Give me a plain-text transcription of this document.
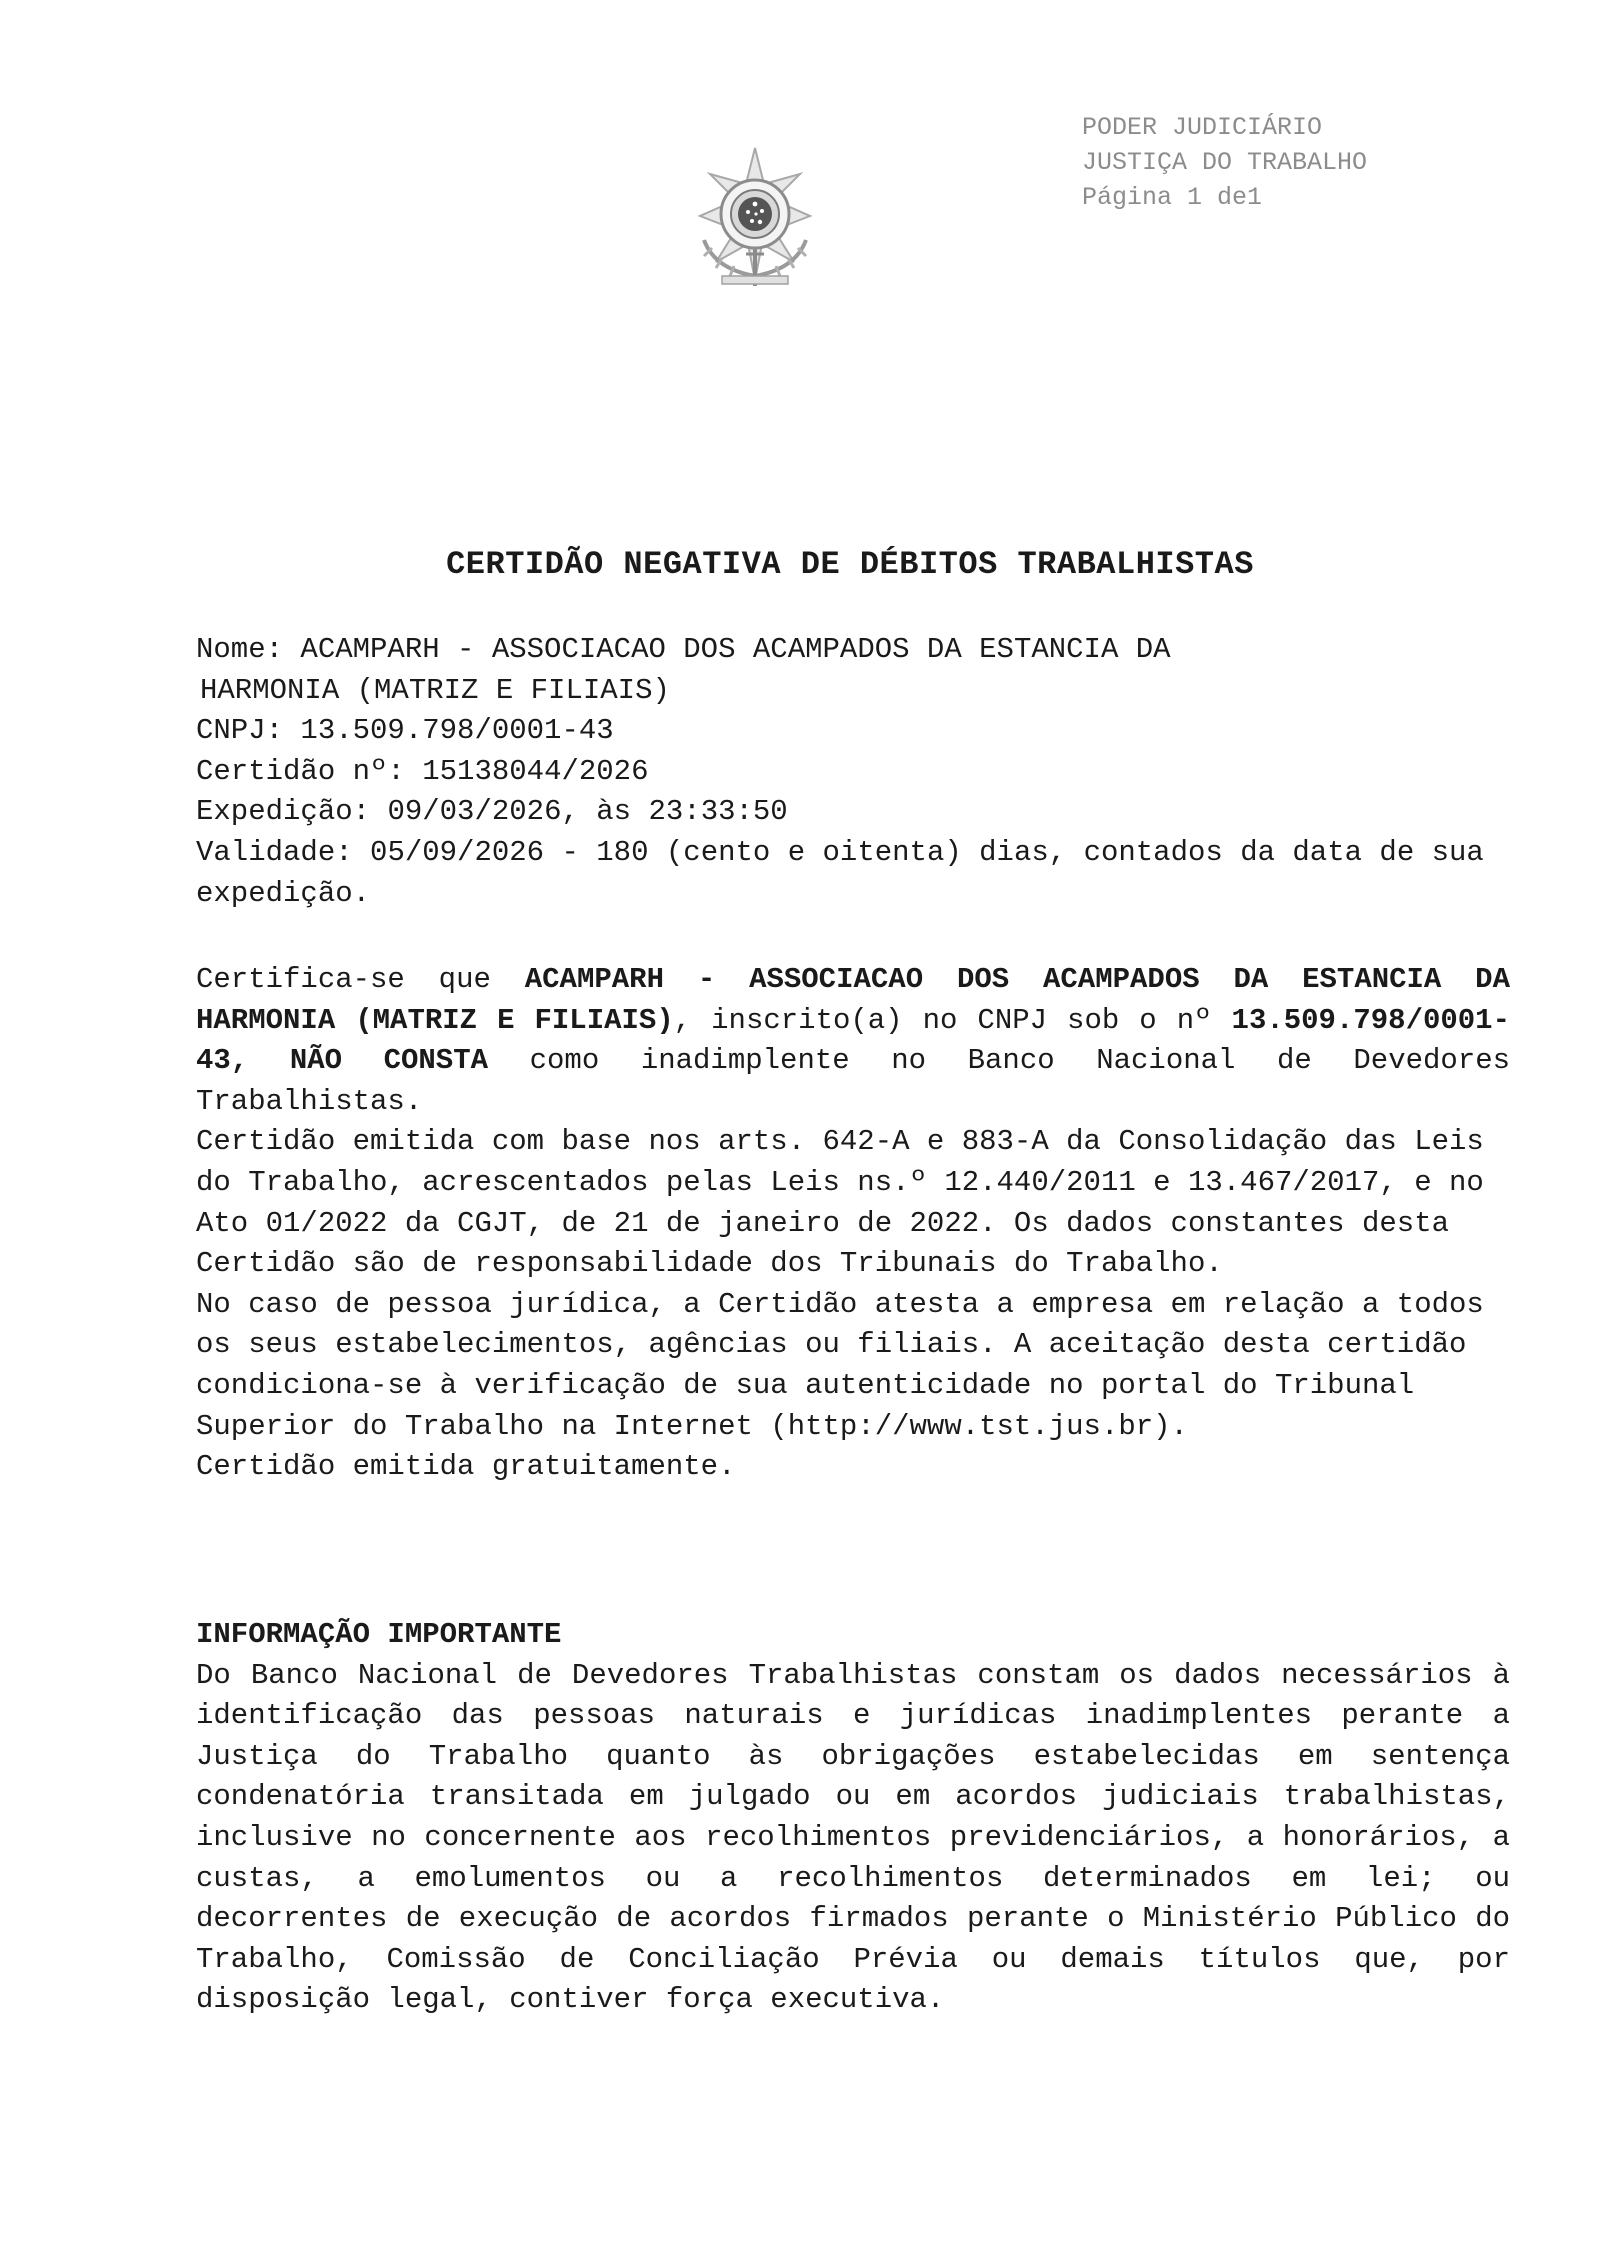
PODER JUDICIÁRIO
JUSTIÇA DO TRABALHO
Página 1 de1
CERTIDÃO NEGATIVA DE DÉBITOS TRABALHISTAS
Nome: ACAMPARH - ASSOCIACAO DOS ACAMPADOS DA ESTANCIA DA
HARMONIA (MATRIZ E FILIAIS)
CNPJ: 13.509.798/0001-43
Certidão nº: 15138044/2026
Expedição: 09/03/2026, às 23:33:50
Validade: 05/09/2026 - 180 (cento e oitenta) dias, contados da data de sua expedição.

Certifica-se que ACAMPARH - ASSOCIACAO DOS ACAMPADOS DA ESTANCIA DA HARMONIA (MATRIZ E FILIAIS), inscrito(a) no CNPJ sob o nº 13.509.798/0001-43, NÃO CONSTA como inadimplente no Banco Nacional de Devedores Trabalhistas.

Certidão emitida com base nos arts. 642-A e 883-A da Consolidação das Leis do Trabalho, acrescentados pelas Leis ns.º 12.440/2011 e 13.467/2017, e no Ato 01/2022 da CGJT, de 21 de janeiro de 2022. Os dados constantes desta Certidão são de responsabilidade dos Tribunais do Trabalho.

No caso de pessoa jurídica, a Certidão atesta a empresa em relação a todos os seus estabelecimentos, agências ou filiais. A aceitação desta certidão condiciona-se à verificação de sua autenticidade no portal do Tribunal Superior do Trabalho na Internet (http://www.tst.jus.br).

Certidão emitida gratuitamente.

INFORMAÇÃO IMPORTANTE

Do Banco Nacional de Devedores Trabalhistas constam os dados necessários à identificação das pessoas naturais e jurídicas inadimplentes perante a Justiça do Trabalho quanto às obrigações estabelecidas em sentença condenatória transitada em julgado ou em acordos judiciais trabalhistas, inclusive no concernente aos recolhimentos previdenciários, a honorários, a custas, a emolumentos ou a recolhimentos determinados em lei; ou decorrentes de execução de acordos firmados perante o Ministério Público do Trabalho, Comissão de Conciliação Prévia ou demais títulos que, por disposição legal, contiver força executiva.
